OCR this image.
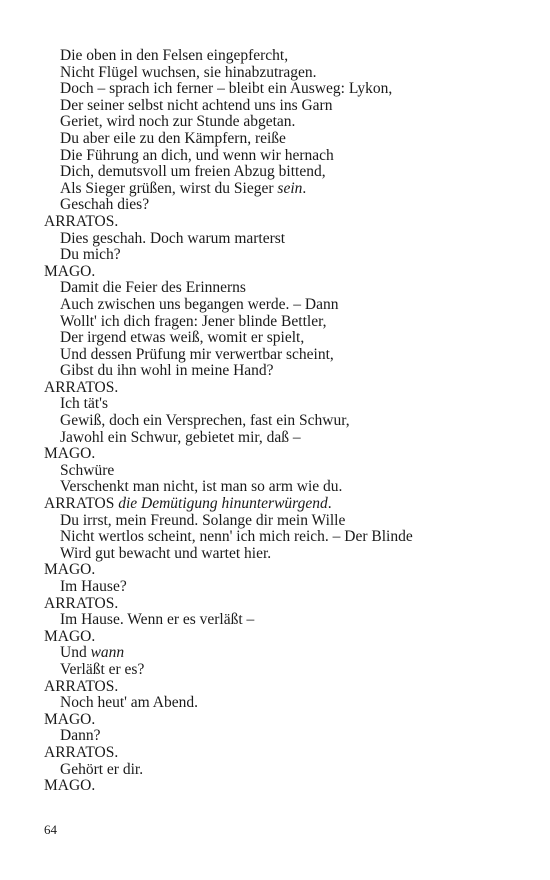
Die oben in den Felsen eingepfercht,
Nicht Flügel wuchsen, sie hinabzutragen.
Doch – sprach ich ferner – bleibt ein Ausweg: Lykon,
Der seiner selbst nicht achtend uns ins Garn
Geriet, wird noch zur Stunde abgetan.
Du aber eile zu den Kämpfern, reiße
Die Führung an dich, und wenn wir hernach
Dich, demutsvoll um freien Abzug bittend,
Als Sieger grüßen, wirst du Sieger sein.
Geschah dies?
ARRATOS.
Dies geschah. Doch warum marterst
Du mich?
MAGO.
Damit die Feier des Erinnerns
Auch zwischen uns begangen werde. – Dann
Wollt' ich dich fragen: Jener blinde Bettler,
Der irgend etwas weiß, womit er spielt,
Und dessen Prüfung mir verwertbar scheint,
Gibst du ihn wohl in meine Hand?
ARRATOS.
Ich tät's
Gewiß, doch ein Versprechen, fast ein Schwur,
Jawohl ein Schwur, gebietet mir, daß –
MAGO.
Schwüre
Verschenkt man nicht, ist man so arm wie du.
ARRATOS die Demütigung hinunterwürgend.
Du irrst, mein Freund. Solange dir mein Wille
Nicht wertlos scheint, nenn' ich mich reich. – Der Blinde
Wird gut bewacht und wartet hier.
MAGO.
Im Hause?
ARRATOS.
Im Hause. Wenn er es verläßt –
MAGO.
Und wann
Verläßt er es?
ARRATOS.
Noch heut' am Abend.
MAGO.
Dann?
ARRATOS.
Gehört er dir.
MAGO.
64
